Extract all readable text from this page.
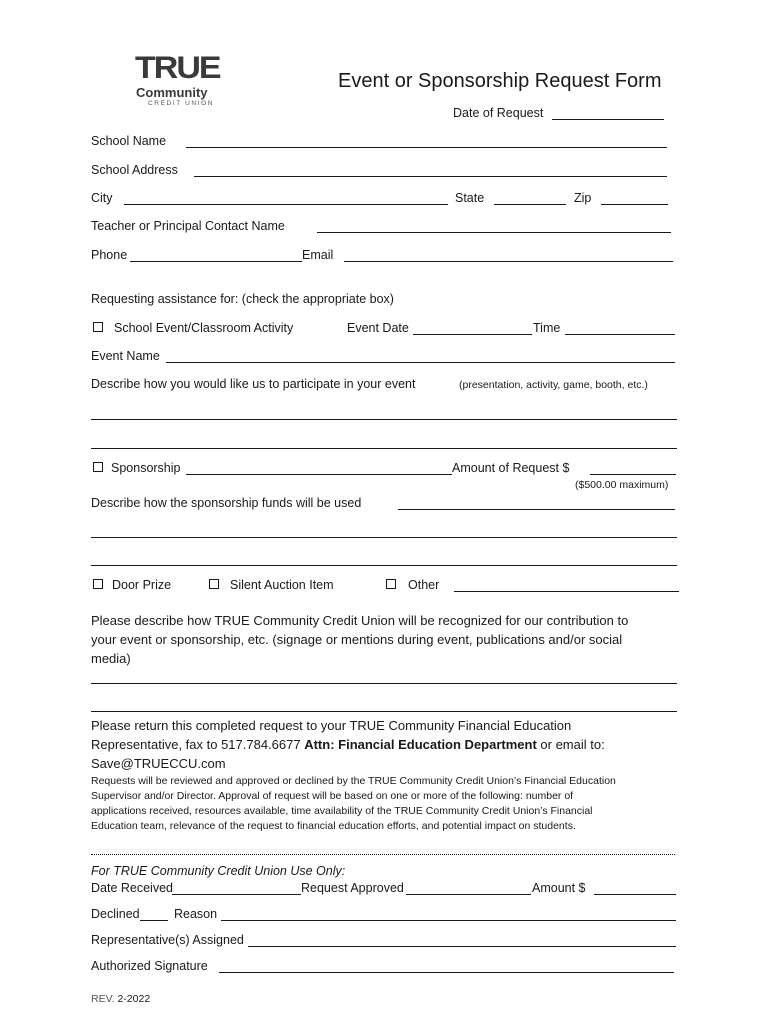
TRUE
Community
CREDIT UNION
Event or Sponsorship Request Form
Date of Request
School Name
School Address
City	State	Zip
Teacher or Principal Contact Name
Phone	Email
Requesting assistance for: (check the appropriate box)
School Event/Classroom Activity	Event Date	Time
Event Name
Describe how you would like us to participate in your event	(presentation, activity, game, booth, etc.)
Sponsorship	Amount of Request $
($500.00 maximum)
Describe how the sponsorship funds will be used
Door Prize	Silent Auction Item	Other
Please describe how TRUE Community Credit Union will be recognized for our contribution to
your event or sponsorship, etc. (signage or mentions during event, publications and/or social
media)
Please return this completed request to your TRUE Community Financial Education
Representative, fax to 517.784.6677 Attn: Financial Education Department or email to:
Save@TRUECCU.com
Requests will be reviewed and approved or declined by the TRUE Community Credit Union’s Financial Education
Supervisor and/or Director. Approval of request will be based on one or more of the following: number of
applications received, resources available, time availability of the TRUE Community Credit Union’s Financial
Education team, relevance of the request to financial education efforts, and potential impact on students.
For TRUE Community Credit Union Use Only:
Date Received	Request Approved	Amount $
Declined	Reason
Representative(s) Assigned
Authorized Signature
REV. 2-2022
